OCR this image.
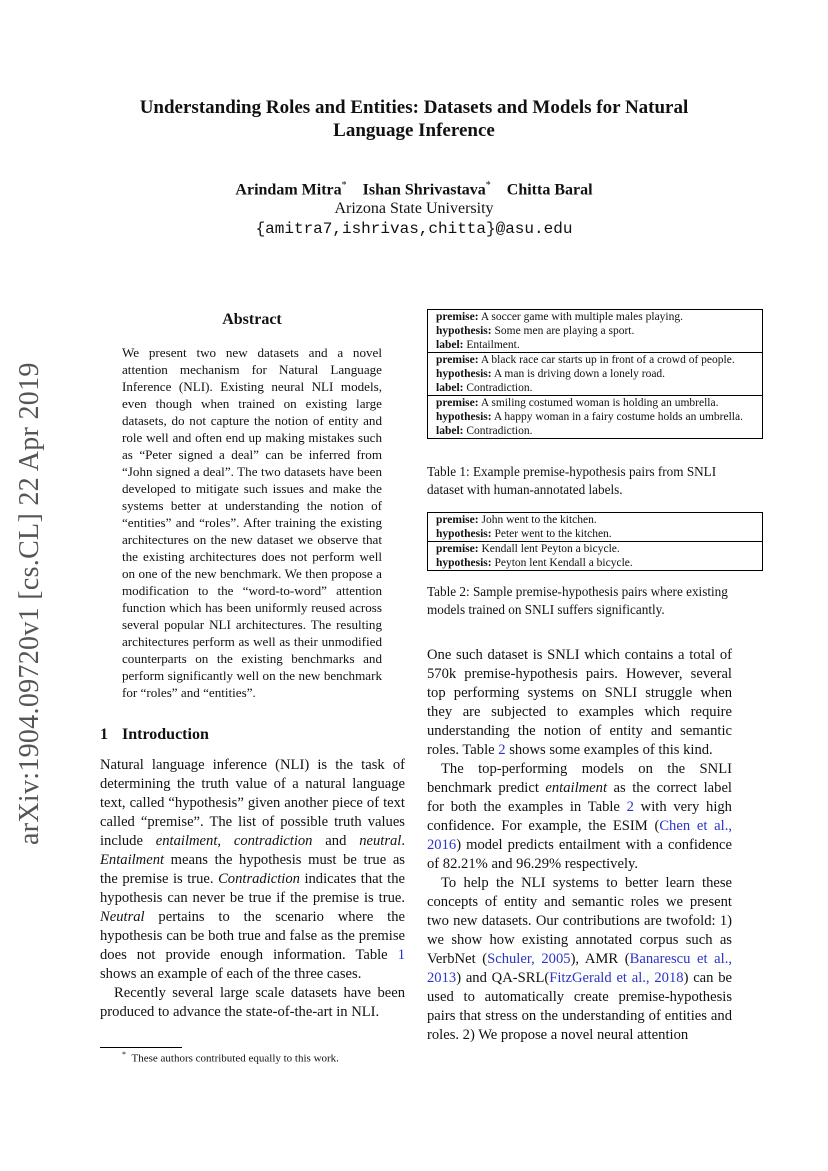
Understanding Roles and Entities: Datasets and Models for Natural Language Inference
Arindam Mitra* Ishan Shrivastava* Chitta Baral
Arizona State University
{amitra7,ishrivas,chitta}@asu.edu
arXiv:1904.09720v1 [cs.CL] 22 Apr 2019
Abstract

We present two new datasets and a novel attention mechanism for Natural Language Inference (NLI). Existing neural NLI models, even though when trained on existing large datasets, do not capture the notion of entity and role well and often end up making mistakes such as “Peter signed a deal” can be inferred from “John signed a deal”. The two datasets have been developed to mitigate such issues and make the systems better at understanding the notion of “entities” and “roles”. After training the existing architectures on the new dataset we observe that the existing architectures does not perform well on one of the new benchmark. We then propose a modification to the “word-to-word” attention function which has been uniformly reused across several popular NLI architectures. The resulting architectures perform as well as their unmodified counterparts on the existing benchmarks and perform significantly well on the new benchmark for “roles” and “entities”.

1 Introduction

Natural language inference (NLI) is the task of determining the truth value of a natural language text, called “hypothesis” given another piece of text called “premise”. The list of possible truth values include entailment, contradiction and neutral. Entailment means the hypothesis must be true as the premise is true. Contradiction indicates that the hypothesis can never be true if the premise is true. Neutral pertains to the scenario where the hypothesis can be both true and false as the premise does not provide enough information. Table 1 shows an example of each of the three cases.

Recently several large scale datasets have been produced to advance the state-of-the-art in NLI.

* These authors contributed equally to this work.
premise: A soccer game with multiple males playing.
hypothesis: Some men are playing a sport.
label: Entailment.
premise: A black race car starts up in front of a crowd of people.
hypothesis: A man is driving down a lonely road.
label: Contradiction.
premise: A smiling costumed woman is holding an umbrella.
hypothesis: A happy woman in a fairy costume holds an umbrella.
label: Contradiction.
Table 1: Example premise-hypothesis pairs from SNLI dataset with human-annotated labels.
premise: John went to the kitchen.
hypothesis: Peter went to the kitchen.
premise: Kendall lent Peyton a bicycle.
hypothesis: Peyton lent Kendall a bicycle.
Table 2: Sample premise-hypothesis pairs where existing models trained on SNLI suffers significantly.

One such dataset is SNLI which contains a total of 570k premise-hypothesis pairs. However, several top performing systems on SNLI struggle when they are subjected to examples which require understanding the notion of entity and semantic roles. Table 2 shows some examples of this kind.

The top-performing models on the SNLI benchmark predict entailment as the correct label for both the examples in Table 2 with very high confidence. For example, the ESIM (Chen et al., 2016) model predicts entailment with a confidence of 82.21% and 96.29% respectively.

To help the NLI systems to better learn these concepts of entity and semantic roles we present two new datasets. Our contributions are twofold: 1) we show how existing annotated corpus such as VerbNet (Schuler, 2005), AMR (Banarescu et al., 2013) and QA-SRL(FitzGerald et al., 2018) can be used to automatically create premise-hypothesis pairs that stress on the understanding of entities and roles. 2) We propose a novel neural attention
